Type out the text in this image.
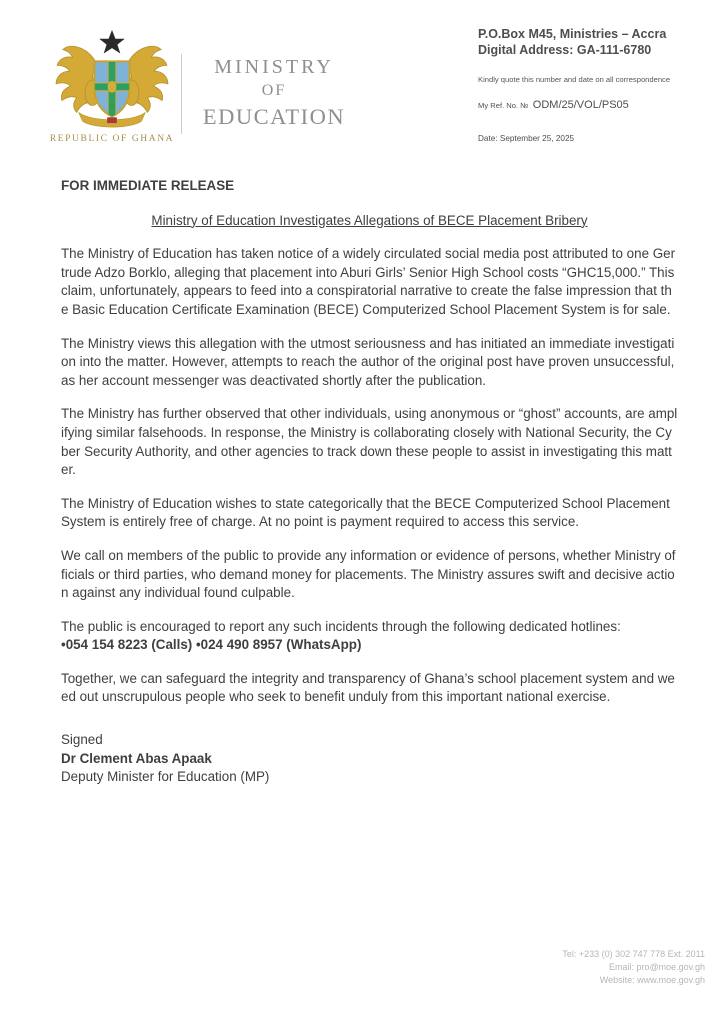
REPUBLIC OF GHANA
MINISTRY
OF
EDUCATION
P.O.Box M45, Ministries – Accra
Digital Address: GA-111-6780
Kindly quote this number and date on all correspondence
My Ref. No. № ODM/25/VOL/PS05
Date: September 25, 2025
FOR IMMEDIATE RELEASE
Ministry of Education Investigates Allegations of BECE Placement Bribery

The Ministry of Education has taken notice of a widely circulated social media post attributed to one Gertrude Adzo Borklo, alleging that placement into Aburi Girls’ Senior High School costs “GHC15,000.” This claim, unfortunately, appears to feed into a conspiratorial narrative to create the false impression that the Basic Education Certificate Examination (BECE) Computerized School Placement System is for sale.

The Ministry views this allegation with the utmost seriousness and has initiated an immediate investigation into the matter. However, attempts to reach the author of the original post have proven unsuccessful, as her account messenger was deactivated shortly after the publication.

The Ministry has further observed that other individuals, using anonymous or “ghost” accounts, are amplifying similar falsehoods. In response, the Ministry is collaborating closely with National Security, the Cyber Security Authority, and other agencies to track down these people to assist in investigating this matter.

The Ministry of Education wishes to state categorically that the BECE Computerized School Placement System is entirely free of charge. At no point is payment required to access this service.

We call on members of the public to provide any information or evidence of persons, whether Ministry officials or third parties, who demand money for placements. The Ministry assures swift and decisive action against any individual found culpable.

The public is encouraged to report any such incidents through the following dedicated hotlines:
•054 154 8223 (Calls) •024 490 8957 (WhatsApp)

Together, we can safeguard the integrity and transparency of Ghana’s school placement system and weed out unscrupulous people who seek to benefit unduly from this important national exercise.

Signed
Dr Clement Abas Apaak
Deputy Minister for Education (MP)
Tel: +233 (0) 302 747 778 Ext. 2011
Email: pro@moe.gov.gh
Website: www.moe.gov.gh
